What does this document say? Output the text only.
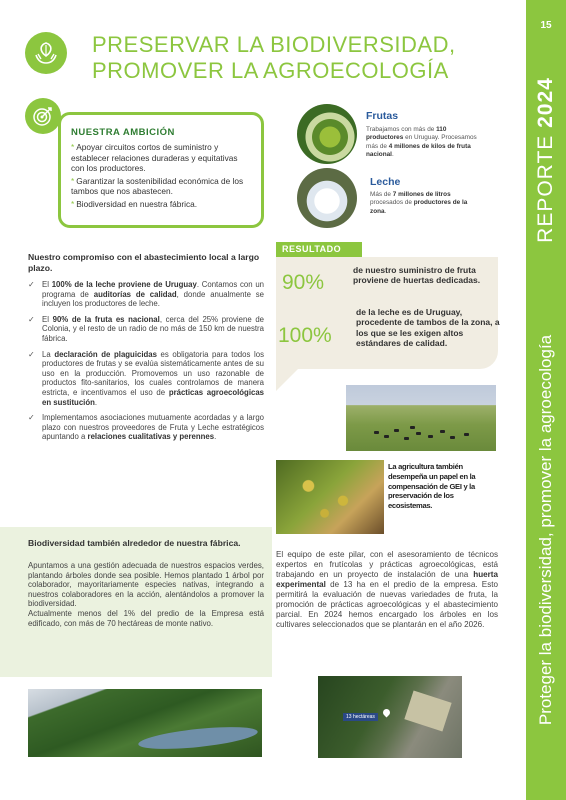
15
REPORTE 2024
Proteger la biodiversidad, promover la agroecología
PRESERVAR LA BIODIVERSIDAD,
PROMOVER LA AGROECOLOGÍA
NUESTRA AMBICIÓN
* Apoyar circuitos cortos de suministro y establecer relaciones duraderas y equitativas con los productores.
* Garantizar la sostenibilidad económica de los tambos que nos abastecen.
* Biodiversidad en nuestra fábrica.
Frutas
Trabajamos con más de 110 productores en Uruguay. Procesamos más de 4 millones de kilos de fruta nacional.
Leche
Más de 7 millones de litros procesados de productores de la zona.
Nuestro compromiso con el abastecimiento local a largo plazo.
✓ El 100% de la leche proviene de Uruguay. Contamos con un programa de auditorías de calidad, donde anualmente se incluyen los productores de leche.
✓ El 90% de la fruta es nacional, cerca del 25% proviene de Colonia, y el resto de un radio de no más de 150 km de nuestra fábrica.
✓ La declaración de plaguicidas es obligatoria para todos los productores de frutas y se evalúa sistemáticamente antes de su uso en la producción. Promovemos un uso razonable de productos fito-sanitarios, los cuales controlamos de manera estricta, e incentivamos el uso de prácticas agroecológicas en sustitución.
✓ Implementamos asociaciones mutuamente acordadas y a largo plazo con nuestros proveedores de Fruta y Leche estratégicos apuntando a relaciones cualitativas y perennes.
RESULTADO
90%
de nuestro suministro de fruta proviene de huertas dedicadas.
100%
de la leche es de Uruguay, procedente de tambos de la zona, a los que se les exigen altos estándares de calidad.
La agricultura también desempeña un papel en la compensación de GEI y la preservación de los ecosistemas.
Biodiversidad también alrededor de nuestra fábrica.

Apuntamos a una gestión adecuada de nuestros espacios verdes, plantando árboles donde sea posible. Hemos plantado 1 árbol por colaborador, mayoritariamente especies nativas, integrando a nuestros colaboradores en la acción, alentándolos a promover la biodiversidad.

Actualmente menos del 1% del predio de la Empresa está edificado, con más de 70 hectáreas de monte nativo.

El equipo de este pilar, con el asesoramiento de técnicos expertos en frutícolas y prácticas agroecológicas, está trabajando en un proyecto de instalación de una huerta experimental de 13 ha en el predio de la empresa. Esto permitirá la evaluación de nuevas variedades de fruta, la promoción de prácticas agroecológicas y el abastecimiento parcial. En 2024 hemos encargado los árboles en los cultivares seleccionados que se plantarán en el año 2026.
13 hectáreas
